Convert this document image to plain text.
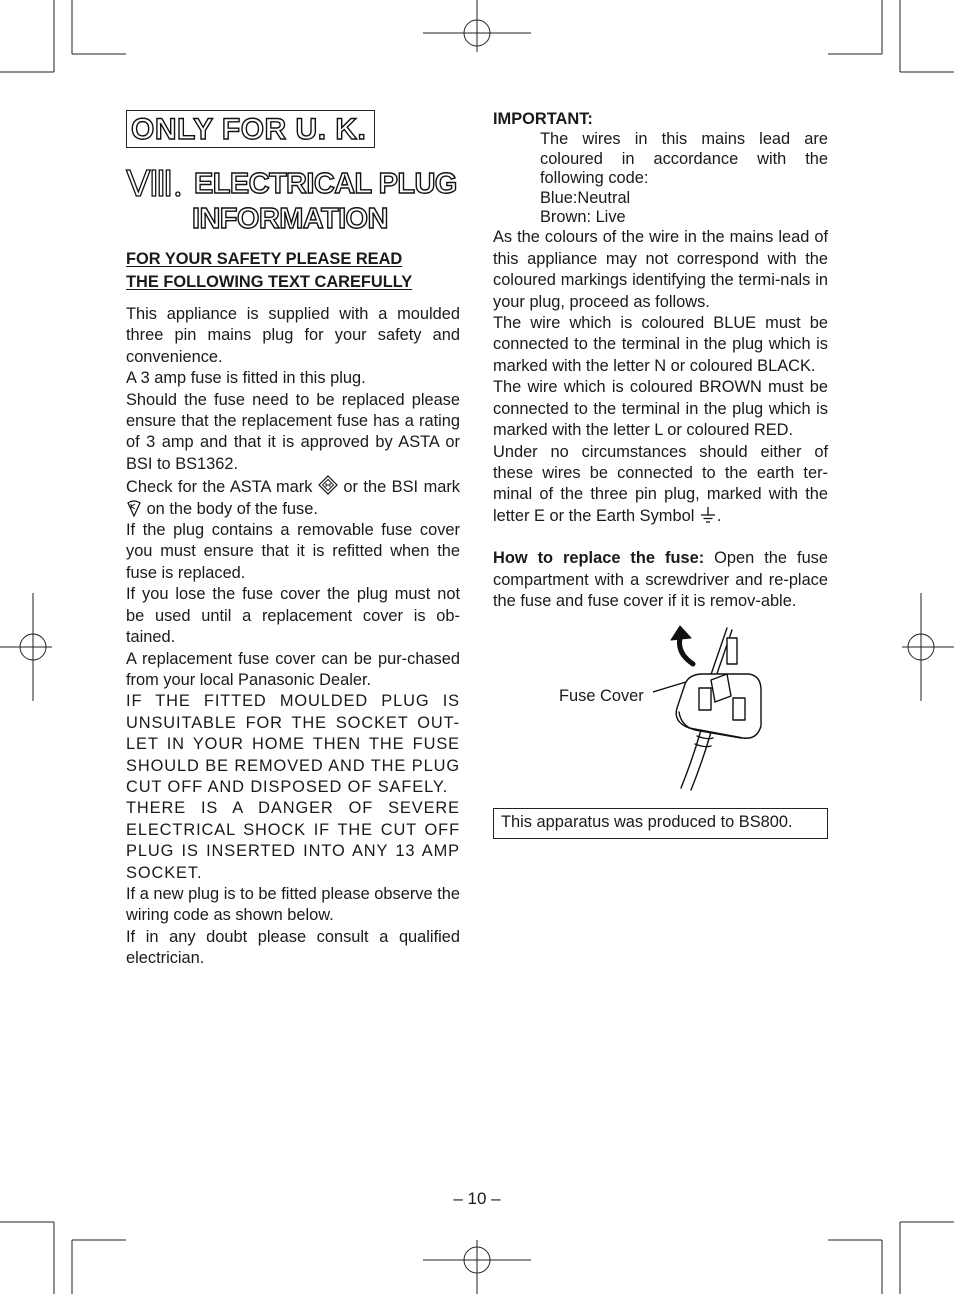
ONLY FOR U. K.
Ⅷ. ELECTRICAL PLUG
INFORMATION
FOR YOUR SAFETY PLEASE READ
THE FOLLOWING TEXT CAREFULLY

This appliance is supplied with a moulded three pin mains plug for your safety and convenience.

A 3 amp fuse is fitted in this plug.

Should the fuse need to be replaced please ensure that the replacement fuse has a rating of 3 amp and that it is approved by ASTA or BSI to BS1362.

Check for the ASTA mark or the BSI mark  on the body of the fuse.

If the plug contains a removable fuse cover you must ensure that it is refitted when the fuse is replaced.

If you lose the fuse cover the plug must not be used until a replacement cover is ob-tained.

A replacement fuse cover can be pur-chased from your local Panasonic Dealer.

IF THE FITTED MOULDED PLUG IS UNSUITABLE FOR THE SOCKET OUT-LET IN YOUR HOME THEN THE FUSE SHOULD BE REMOVED AND THE PLUG CUT OFF AND DISPOSED OF SAFELY.

THERE IS A DANGER OF SEVERE ELECTRICAL SHOCK IF THE CUT OFF PLUG IS INSERTED INTO ANY 13 AMP SOCKET.

If a new plug is to be fitted please observe the wiring code as shown below.

If in any doubt please consult a qualified electrician.

IMPORTANT:

The wires in this mains lead are coloured in accordance with the following code:

Blue:Neutral

Brown: Live

As the colours of the wire in the mains lead of this appliance may not correspond with the coloured markings identifying the termi-nals in your plug, proceed as follows.

The wire which is coloured BLUE must be connected to the terminal in the plug which is marked with the letter N or coloured BLACK.

The wire which is coloured BROWN must be connected to the terminal in the plug which is marked with the letter L or coloured RED.

Under no circumstances should either of these wires be connected to the earth ter-minal of the three pin plug, marked with the letter E or the Earth Symbol .

How to replace the fuse: Open the fuse compartment with a screwdriver and re-place the fuse and fuse cover if it is remov-able.

Fuse Cover
This apparatus was produced to BS800.
– 10 –
